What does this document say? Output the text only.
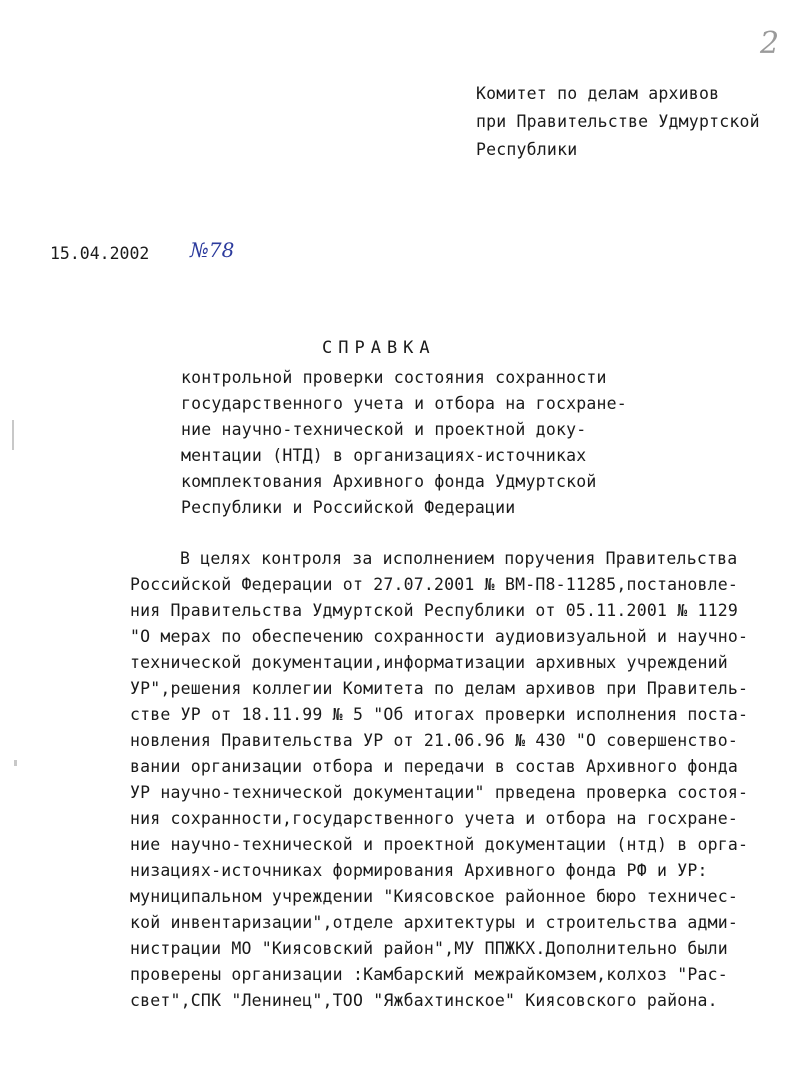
2
Комитет по делам архивов
при Правительстве Удмуртской
Республики
15.04.2002 №78
СПРАВКА
контрольной проверки состояния сохранности
государственного учета и отбора на госхране-
ние научно-технической и проектной доку-
ментации (НТД) в организациях-источниках
комплектования Архивного фонда Удмуртской
Республики и Российской Федерации
В целях контроля за исполнением поручения Правительства
Российской Федерации от 27.07.2001 № ВМ-П8-11285,постановле-
ния Правительства Удмуртской Республики от 05.11.2001 № 1129
"О мерах по обеспечению сохранности аудиовизуальной и научно-
технической документации,информатизации архивных учреждений
УР",решения коллегии Комитета по делам архивов при Правитель-
стве УР от 18.11.99 № 5 "Об итогах проверки исполнения поста-
новления Правительства УР от 21.06.96 № 430 "О совершенство-
вании организации отбора и передачи в состав Архивного фонда
УР научно-технической документации" прведена проверка состоя-
ния сохранности,государственного учета и отбора на госхране-
ние научно-технической и проектной документации (нтд) в орга-
низациях-источниках формирования Архивного фонда РФ и УР:
муниципальном учреждении "Киясовское районное бюро техничес-
кой инвентаризации",отделе архитектуры и строительства адми-
нистрации МО "Киясовский район",МУ ППЖКХ.Дополнительно были
проверены организации :Камбарский межрайкомзем,колхоз "Рас-
свет",СПК "Ленинец",ТОО "Яжбахтинское" Киясовского района.
